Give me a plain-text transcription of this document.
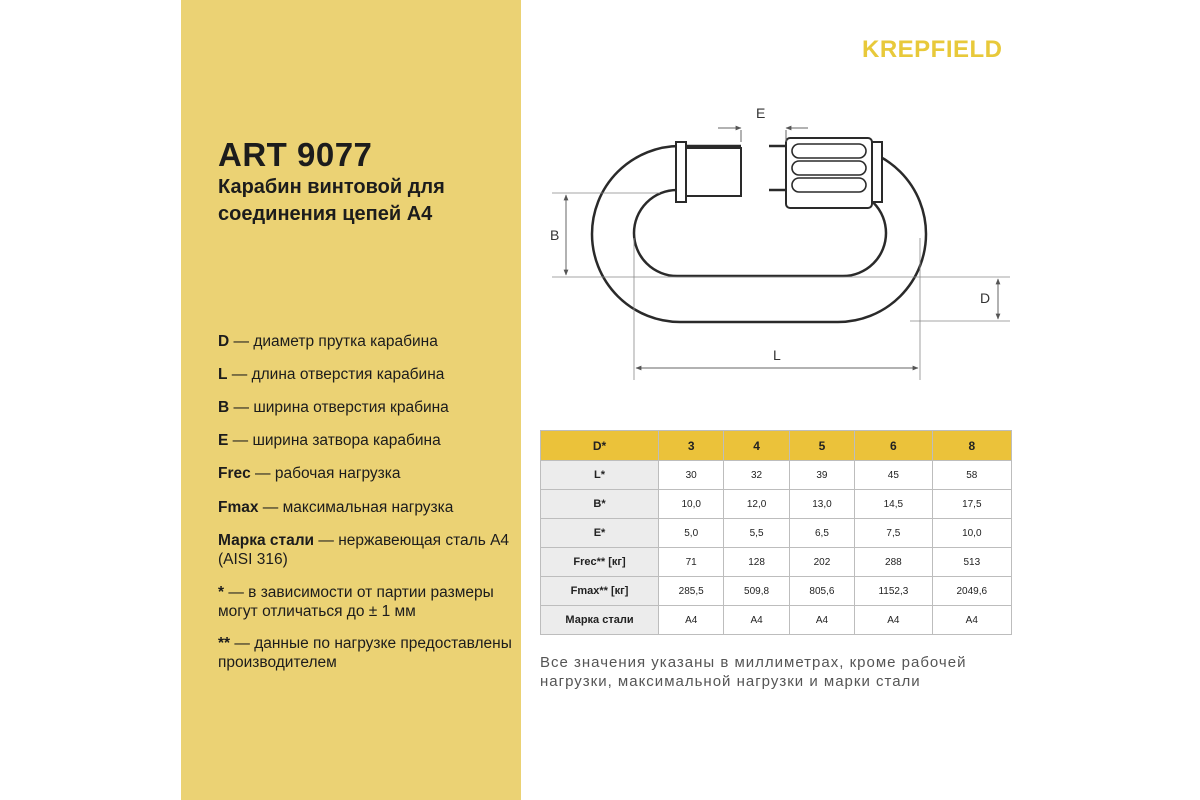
ART 9077
Карабин винтовой для соединения цепей А4
D — диаметр прутка карабина
L — длина отверстия карабина
B — ширина отверстия крабина
E — ширина затвора карабина
Frec — рабочая нагрузка
Fmax — максимальная нагрузка
Марка стали — нержавеющая сталь А4 (AISI 316)
* — в зависимости от партии размеры могут отличаться до ± 1 мм
** — данные по нагрузке предоставлены производителем
KREPFIELD
E
B
D
L
D*	3	4	5	6	8
L*	30	32	39	45	58
B*	10,0	12,0	13,0	14,5	17,5
E*	5,0	5,5	6,5	7,5	10,0
Frec** [кг]	71	128	202	288	513
Fmax** [кг]	285,5	509,8	805,6	1152,3	2049,6
Марка стали	А4	А4	А4	А4	А4
Все значения указаны в миллиметрах, кроме рабочей нагрузки, максимальной нагрузки и марки стали
